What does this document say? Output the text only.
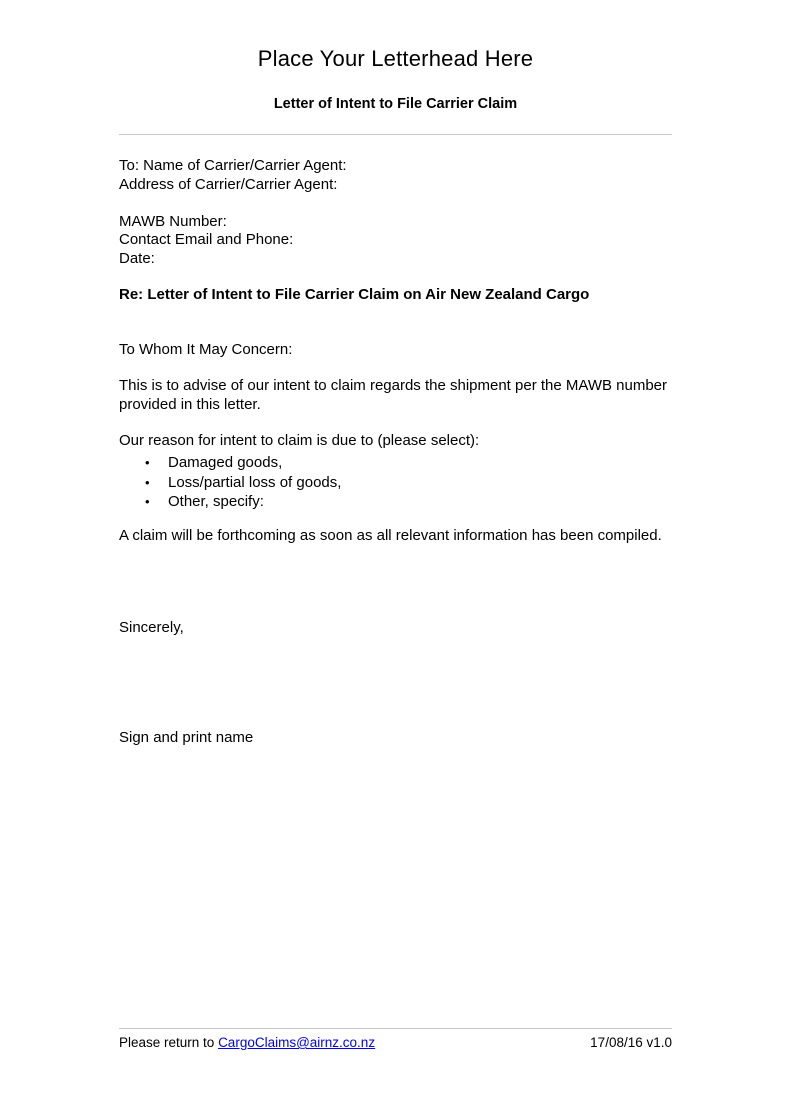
Place Your Letterhead Here
Letter of Intent to File Carrier Claim
To: Name of Carrier/Carrier Agent:
Address of Carrier/Carrier Agent:

MAWB Number:
Contact Email and Phone:
Date:
Re: Letter of Intent to File Carrier Claim on Air New Zealand Cargo
To Whom It May Concern:
This is to advise of our intent to claim regards the shipment per the MAWB number provided in this letter.
Our reason for intent to claim is due to (please select):
• Damaged goods,
• Loss/partial loss of goods,
• Other, specify:
A claim will be forthcoming as soon as all relevant information has been compiled.
Sincerely,
Sign and print name
Please return to CargoClaims@airnz.co.nz	17/08/16 v1.0
